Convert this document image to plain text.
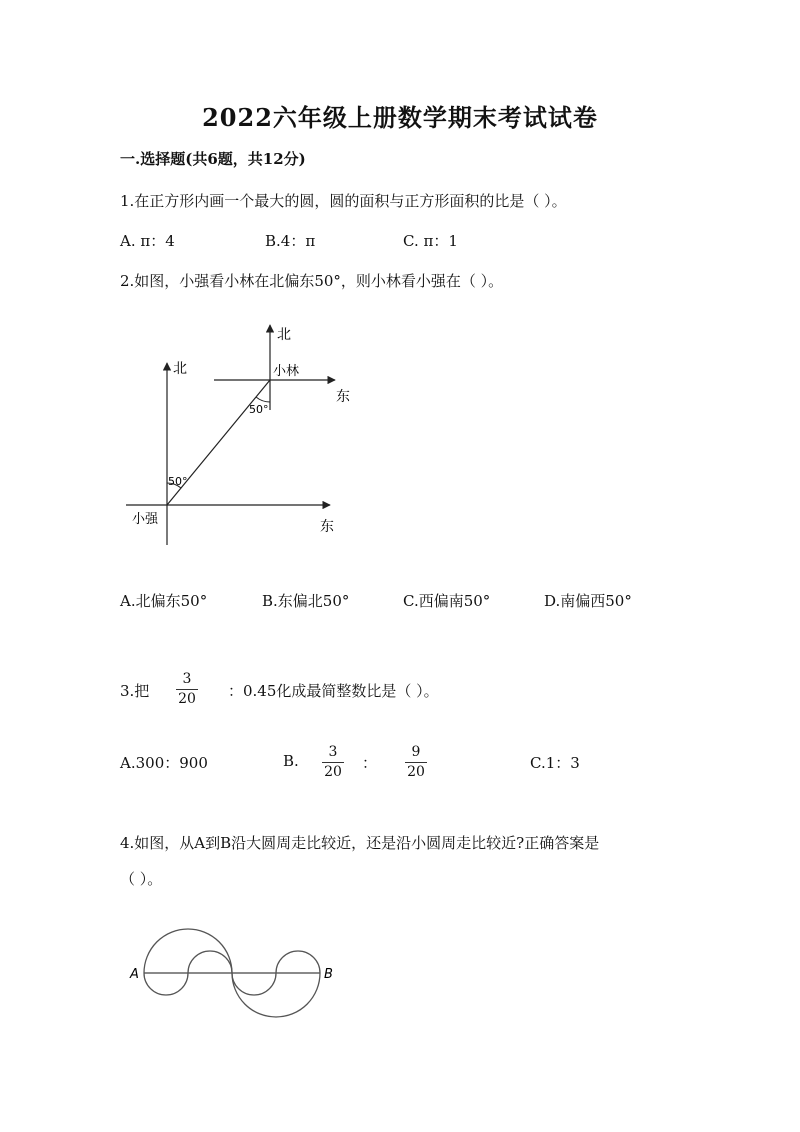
2022六年级上册数学期末考试试卷
一.选择题(共6题，共12分)
1.在正方形内画一个最大的圆，圆的面积与正方形面积的比是（ ）。
A. π：4	B.4：π	C. π：1
2.如图，小强看小林在北偏东50°，则小林看小强在（ ）。
北
北
东
东
小林
小强
50°
50°
A.北偏东50°	B.东偏北50°	C.西偏南50°	D.南偏西50°
3.把
3
20 ：0.45化成最简整数比是（ ）。
A.300：900	B. 3
20 ：
9
20	C.1：3
4.如图，从A到B沿大圆周走比较近，还是沿小圆周走比较近?正确答案是
（ ）。
A	B
